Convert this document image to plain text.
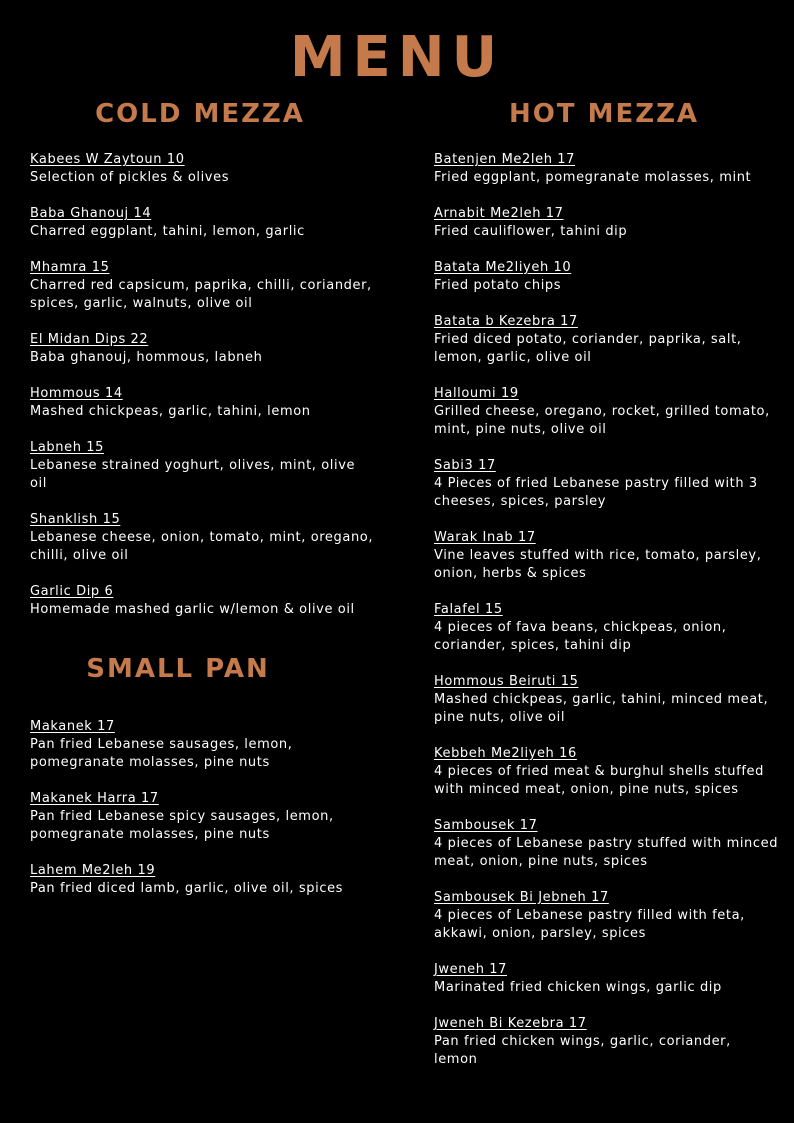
MENU
COLD MEZZA	HOT MEZZA
SMALL PAN
Kabees W Zaytoun 10
Selection of pickles & olives
Baba Ghanouj 14
Charred eggplant, tahini, lemon, garlic
Mhamra 15
Charred red capsicum, paprika, chilli, coriander, spices, garlic, walnuts, olive oil
El Midan Dips 22
Baba ghanouj, hommous, labneh
Hommous 14
Mashed chickpeas, garlic, tahini, lemon
Labneh 15
Lebanese strained yoghurt, olives, mint, olive oil
Shanklish 15
Lebanese cheese, onion, tomato, mint, oregano, chilli, olive oil
Garlic Dip 6
Homemade mashed garlic w/lemon & olive oil
Makanek 17
Pan fried Lebanese sausages, lemon, pomegranate molasses, pine nuts
Makanek Harra 17
Pan fried Lebanese spicy sausages, lemon, pomegranate molasses, pine nuts
Lahem Me2leh 19
Pan fried diced lamb, garlic, olive oil, spices
Batenjen Me2leh 17
Fried eggplant, pomegranate molasses, mint
Arnabit Me2leh 17
Fried cauliflower, tahini dip
Batata Me2liyeh 10
Fried potato chips
Batata b Kezebra 17
Fried diced potato, coriander, paprika, salt, lemon, garlic, olive oil
Halloumi 19
Grilled cheese, oregano, rocket, grilled tomato, mint, pine nuts, olive oil
Sabi3 17
4 Pieces of fried Lebanese pastry filled with 3 cheeses, spices, parsley
Warak Inab 17
Vine leaves stuffed with rice, tomato, parsley, onion, herbs & spices
Falafel 15
4 pieces of fava beans, chickpeas, onion, coriander, spices, tahini dip
Hommous Beiruti 15
Mashed chickpeas, garlic, tahini, minced meat, pine nuts, olive oil
Kebbeh Me2liyeh 16
4 pieces of fried meat & burghul shells stuffed with minced meat, onion, pine nuts, spices
Sambousek 17
4 pieces of Lebanese pastry stuffed with minced meat, onion, pine nuts, spices
Sambousek Bi Jebneh 17
4 pieces of Lebanese pastry filled with feta, akkawi, onion, parsley, spices
Jweneh 17
Marinated fried chicken wings, garlic dip
Jweneh Bi Kezebra 17
Pan fried chicken wings, garlic, coriander, lemon
